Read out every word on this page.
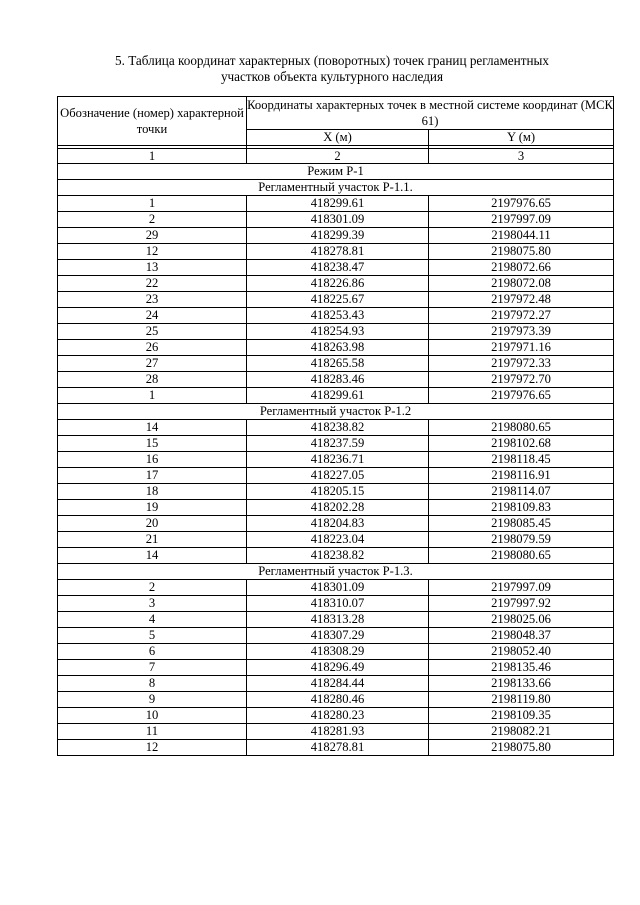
5. Таблица координат характерных (поворотных) точек границ регламентных
участков объекта культурного наследия
Обозначение (номер) характерной точки	Координаты характерных точек в местной системе координат (МСК 61)	
	X (м)	Y (м)

1	2	3
Режим Р-1		
Регламентный участок Р-1.1.		
1	418299.61	2197976.65
2	418301.09	2197997.09
29	418299.39	2198044.11
12	418278.81	2198075.80
13	418238.47	2198072.66
22	418226.86	2198072.08
23	418225.67	2197972.48
24	418253.43	2197972.27
25	418254.93	2197973.39
26	418263.98	2197971.16
27	418265.58	2197972.33
28	418283.46	2197972.70
1	418299.61	2197976.65
Регламентный участок Р-1.2		
14	418238.82	2198080.65
15	418237.59	2198102.68
16	418236.71	2198118.45
17	418227.05	2198116.91
18	418205.15	2198114.07
19	418202.28	2198109.83
20	418204.83	2198085.45
21	418223.04	2198079.59
14	418238.82	2198080.65
Регламентный участок Р-1.3.		
2	418301.09	2197997.09
3	418310.07	2197997.92
4	418313.28	2198025.06
5	418307.29	2198048.37
6	418308.29	2198052.40
7	418296.49	2198135.46
8	418284.44	2198133.66
9	418280.46	2198119.80
10	418280.23	2198109.35
11	418281.93	2198082.21
12	418278.81	2198075.80
